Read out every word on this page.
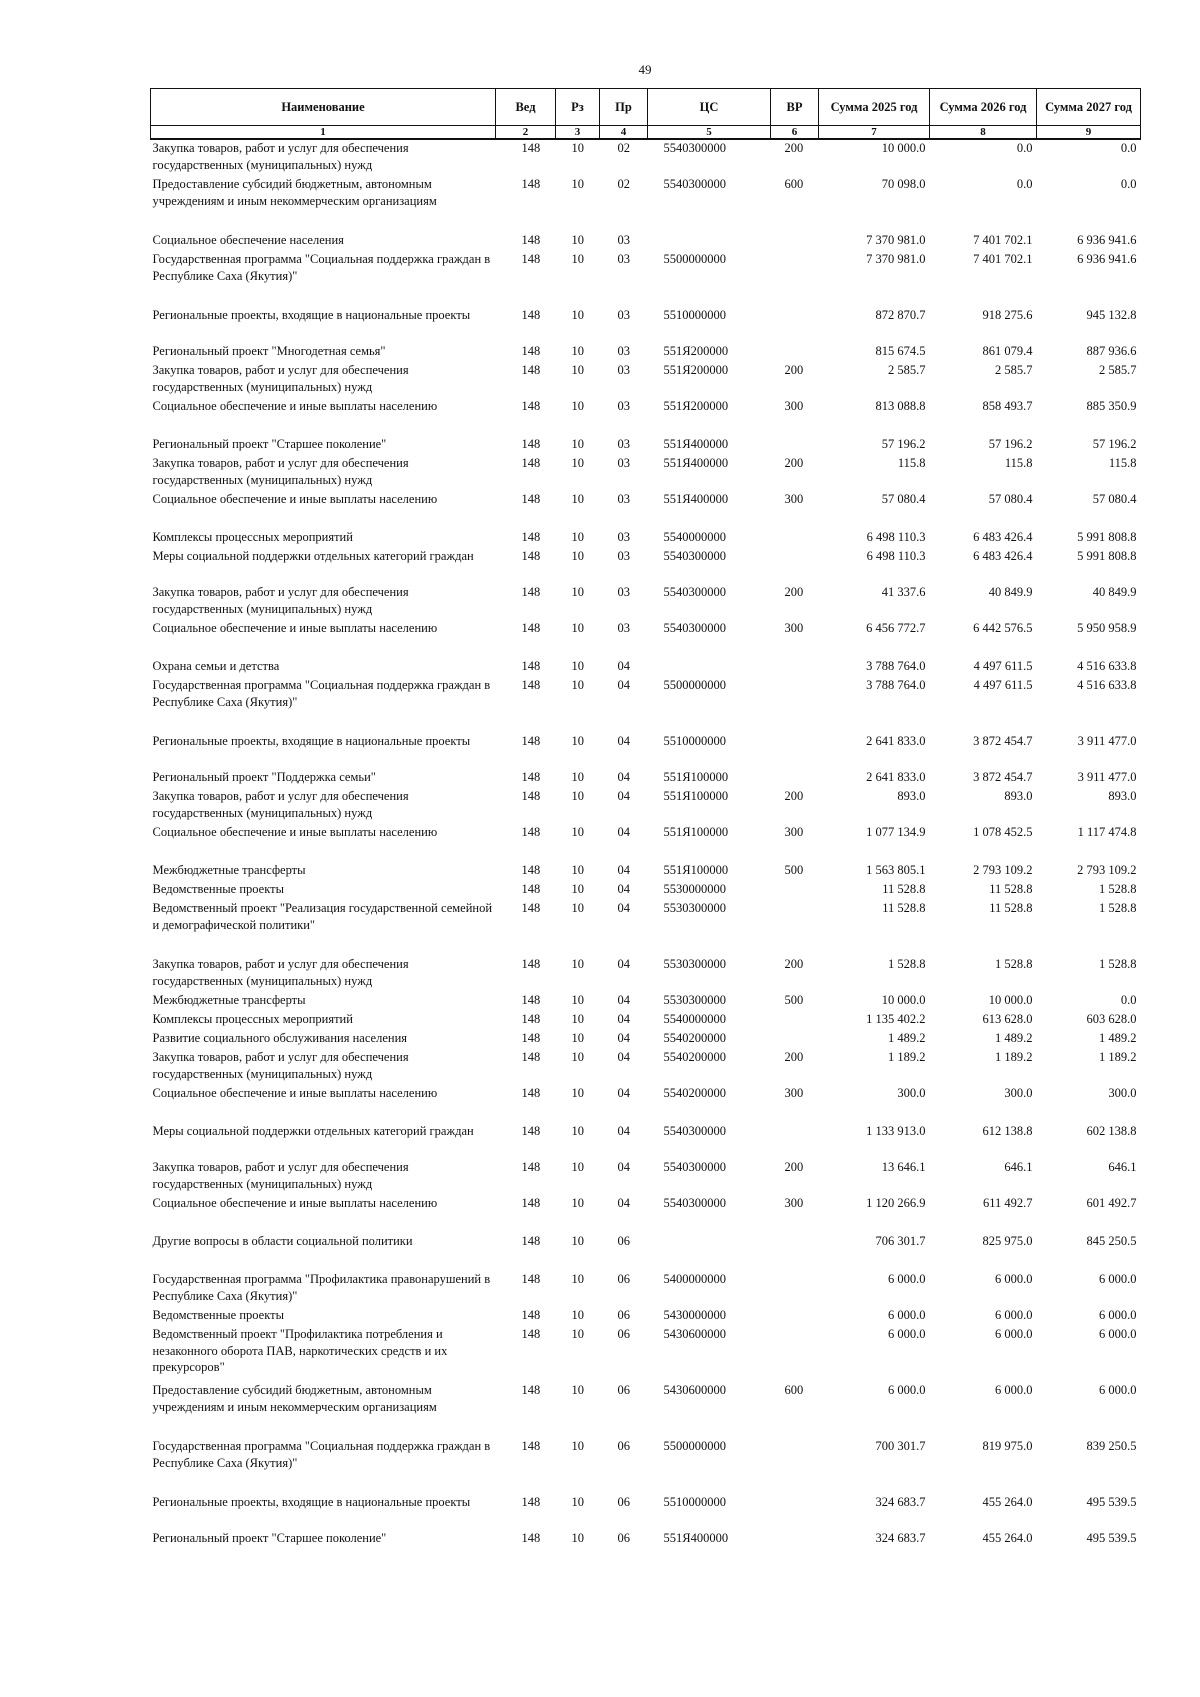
49
Наименование	Вед	Рз	Пр	ЦС	ВР	Сумма 2025 год	Сумма 2026 год	Сумма 2027 год
1	2	3	4	5	6	7	8	9
Закупка товаров, работ и услуг для обеспечения государственных (муниципальных) нужд	148	10	02	5540300000	200	10 000.0	0.0	0.0
Предоставление субсидий бюджетным, автономным учреждениям и иным некоммерческим организациям	148	10	02	5540300000	600	70 098.0	0.0	0.0
Социальное обеспечение населения	148	10	03			7 370 981.0	7 401 702.1	6 936 941.6
Государственная программа "Социальная поддержка граждан в Республике Саха (Якутия)"	148	10	03	5500000000		7 370 981.0	7 401 702.1	6 936 941.6
Региональные проекты, входящие в национальные проекты	148	10	03	5510000000		872 870.7	918 275.6	945 132.8
Региональный проект "Многодетная семья"	148	10	03	551Я200000		815 674.5	861 079.4	887 936.6
Закупка товаров, работ и услуг для обеспечения государственных (муниципальных) нужд	148	10	03	551Я200000	200	2 585.7	2 585.7	2 585.7
Социальное обеспечение и иные выплаты населению	148	10	03	551Я200000	300	813 088.8	858 493.7	885 350.9
Региональный проект "Старшее поколение"	148	10	03	551Я400000		57 196.2	57 196.2	57 196.2
Закупка товаров, работ и услуг для обеспечения государственных (муниципальных) нужд	148	10	03	551Я400000	200	115.8	115.8	115.8
Социальное обеспечение и иные выплаты населению	148	10	03	551Я400000	300	57 080.4	57 080.4	57 080.4
Комплексы процессных мероприятий	148	10	03	5540000000		6 498 110.3	6 483 426.4	5 991 808.8
Меры социальной поддержки отдельных категорий граждан	148	10	03	5540300000		6 498 110.3	6 483 426.4	5 991 808.8
Закупка товаров, работ и услуг для обеспечения государственных (муниципальных) нужд	148	10	03	5540300000	200	41 337.6	40 849.9	40 849.9
Социальное обеспечение и иные выплаты населению	148	10	03	5540300000	300	6 456 772.7	6 442 576.5	5 950 958.9
Охрана семьи и детства	148	10	04			3 788 764.0	4 497 611.5	4 516 633.8
Государственная программа "Социальная поддержка граждан в Республике Саха (Якутия)"	148	10	04	5500000000		3 788 764.0	4 497 611.5	4 516 633.8
Региональные проекты, входящие в национальные проекты	148	10	04	5510000000		2 641 833.0	3 872 454.7	3 911 477.0
Региональный проект "Поддержка семьи"	148	10	04	551Я100000		2 641 833.0	3 872 454.7	3 911 477.0
Закупка товаров, работ и услуг для обеспечения государственных (муниципальных) нужд	148	10	04	551Я100000	200	893.0	893.0	893.0
Социальное обеспечение и иные выплаты населению	148	10	04	551Я100000	300	1 077 134.9	1 078 452.5	1 117 474.8
Межбюджетные трансферты	148	10	04	551Я100000	500	1 563 805.1	2 793 109.2	2 793 109.2
Ведомственные проекты	148	10	04	5530000000		11 528.8	11 528.8	1 528.8
Ведомственный проект "Реализация государственной семейной и демографической политики"	148	10	04	5530300000		11 528.8	11 528.8	1 528.8
Закупка товаров, работ и услуг для обеспечения государственных (муниципальных) нужд	148	10	04	5530300000	200	1 528.8	1 528.8	1 528.8
Межбюджетные трансферты	148	10	04	5530300000	500	10 000.0	10 000.0	0.0
Комплексы процессных мероприятий	148	10	04	5540000000		1 135 402.2	613 628.0	603 628.0
Развитие социального обслуживания населения	148	10	04	5540200000		1 489.2	1 489.2	1 489.2
Закупка товаров, работ и услуг для обеспечения государственных (муниципальных) нужд	148	10	04	5540200000	200	1 189.2	1 189.2	1 189.2
Социальное обеспечение и иные выплаты населению	148	10	04	5540200000	300	300.0	300.0	300.0
Меры социальной поддержки отдельных категорий граждан	148	10	04	5540300000		1 133 913.0	612 138.8	602 138.8
Закупка товаров, работ и услуг для обеспечения государственных (муниципальных) нужд	148	10	04	5540300000	200	13 646.1	646.1	646.1
Социальное обеспечение и иные выплаты населению	148	10	04	5540300000	300	1 120 266.9	611 492.7	601 492.7
Другие вопросы в области социальной политики	148	10	06			706 301.7	825 975.0	845 250.5
Государственная программа "Профилактика правонарушений в Республике Саха (Якутия)"	148	10	06	5400000000		6 000.0	6 000.0	6 000.0
Ведомственные проекты	148	10	06	5430000000		6 000.0	6 000.0	6 000.0
Ведомственный проект "Профилактика потребления и незаконного оборота ПАВ, наркотических средств и их прекурсоров"	148	10	06	5430600000		6 000.0	6 000.0	6 000.0
Предоставление субсидий бюджетным, автономным учреждениям и иным некоммерческим организациям	148	10	06	5430600000	600	6 000.0	6 000.0	6 000.0
Государственная программа "Социальная поддержка граждан в Республике Саха (Якутия)"	148	10	06	5500000000		700 301.7	819 975.0	839 250.5
Региональные проекты, входящие в национальные проекты	148	10	06	5510000000		324 683.7	455 264.0	495 539.5
Региональный проект "Старшее поколение"	148	10	06	551Я400000		324 683.7	455 264.0	495 539.5
